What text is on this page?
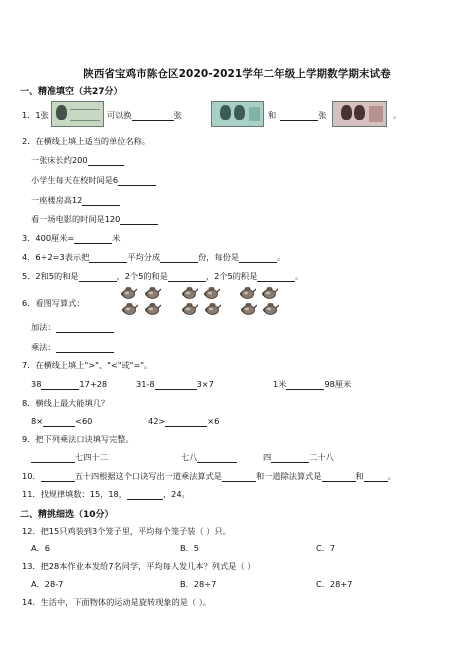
陕西省宝鸡市陈仓区2020-2021学年二年级上学期数学期末试卷
一、精准填空（共27分）
1．1张	可以换	张	和	张	。
2．在横线上填上适当的单位名称。
一张床长约200
小学生每天在校时间是6
一座楼房高12
看一场电影的时间是120
3．400厘米=	米
4．6÷2=3表示把	平均分成	份，每份是	。
5．2和5的和是	，2个5的和是	，2个5的积是	。
6．看图写算式：
加法：
乘法：
7．在横线上填上">"、"<"或"="。
38	17+28	31-8	3×7	1米	98厘米
8．横线上最大能填几？
8×	<60	42>	×6
9．把下列乘法口诀填写完整。
七四十二	七八	四	二十八
10．	五十四根据这个口诀写出一道乘法算式是	和一道除法算式是	和	。
11．找规律填数：15，18，	，24。
二、精挑细选（10分）
12．把15只鸡装到3个笼子里，平均每个笼子装（ ）只。
A．6	B．5	C．7
13．把28本作业本发给7名同学，平均每人发几本？列式是（ ）
A．28-7	B．28÷7	C．28+7
14．生活中，下面物体的运动是旋转现象的是（ ）。
